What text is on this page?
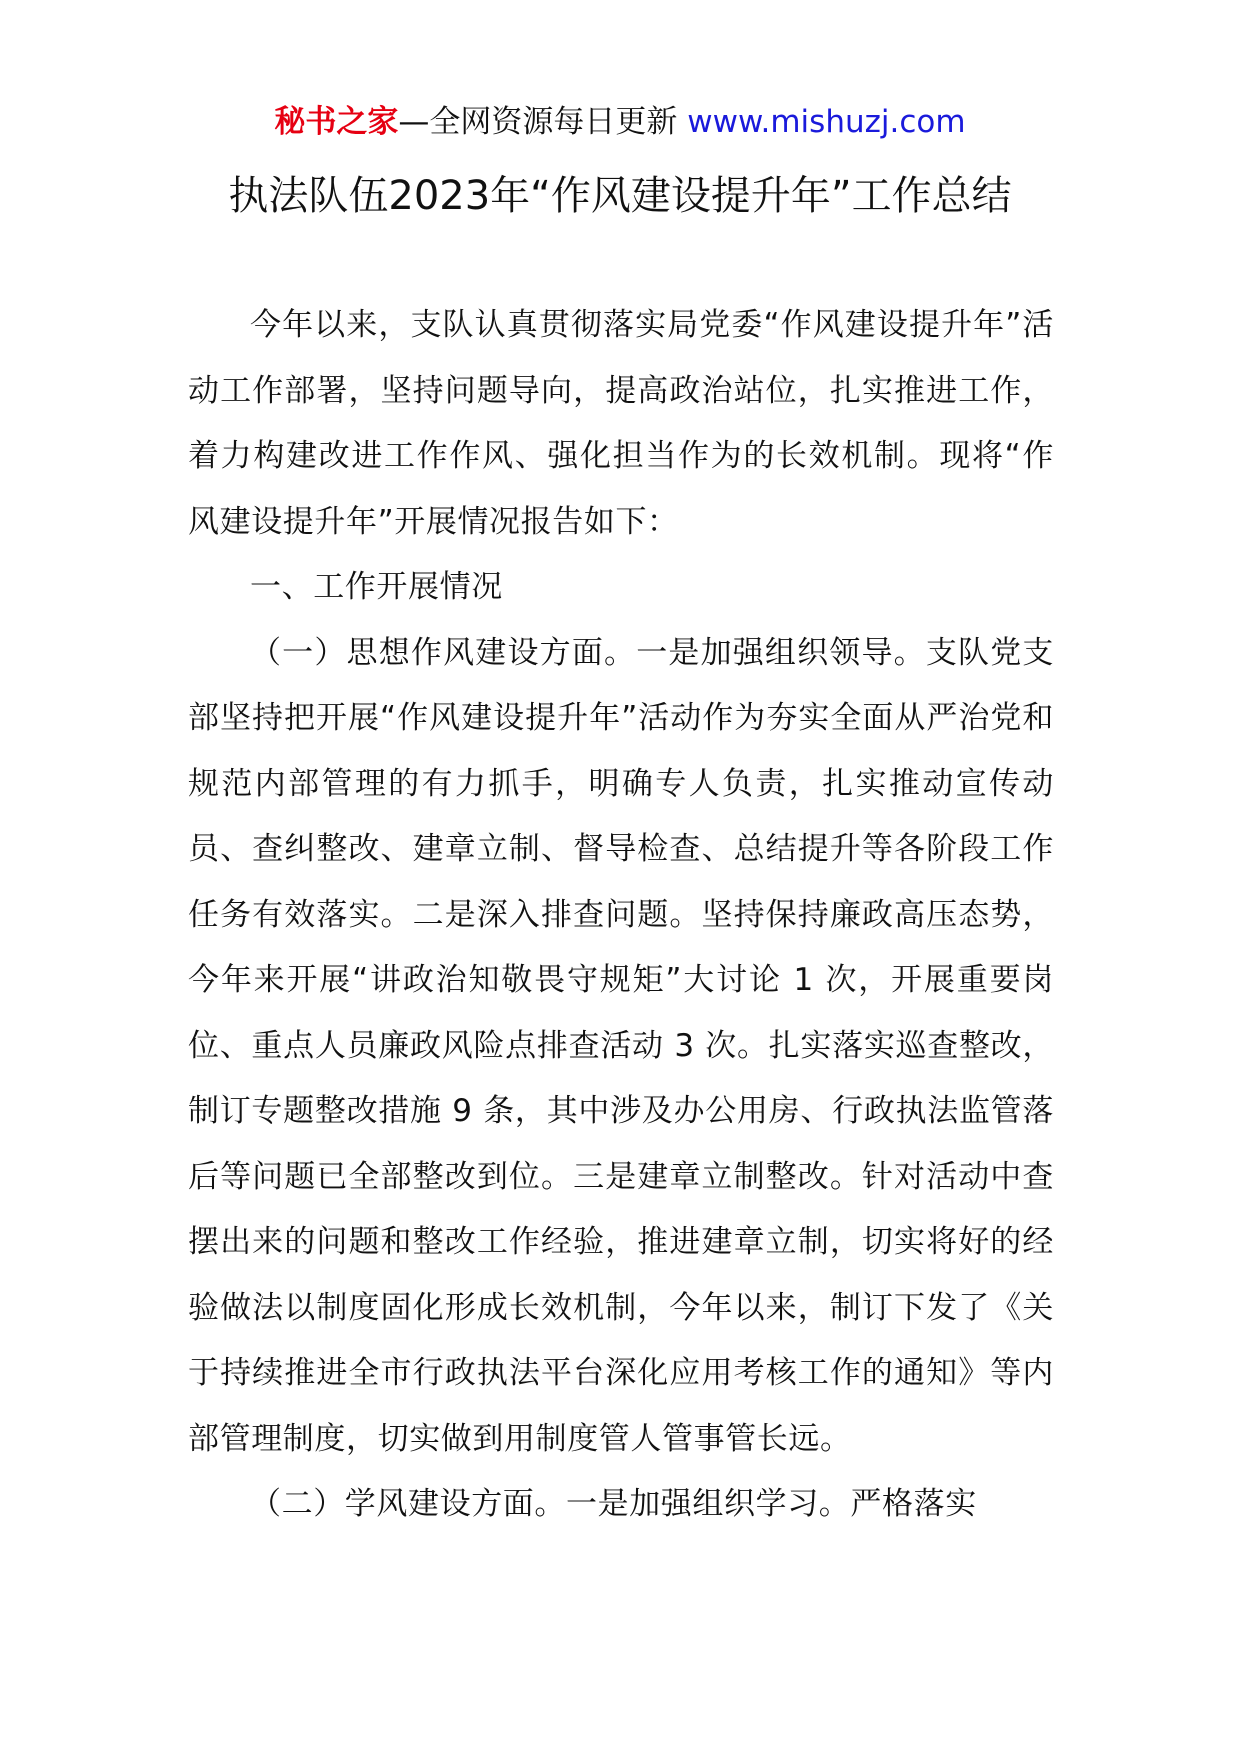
秘书之家—全网资源每日更新 www.mishuzj.com
执法队伍2023年“作风建设提升年”工作总结

今年以来，支队认真贯彻落实局党委“作风建设提升年”活动工作部署，坚持问题导向，提高政治站位，扎实推进工作，着力构建改进工作作风、强化担当作为的长效机制。现将“作风建设提升年”开展情况报告如下：

一、工作开展情况

（一）思想作风建设方面。一是加强组织领导。支队党支部坚持把开展“作风建设提升年”活动作为夯实全面从严治党和规范内部管理的有力抓手，明确专人负责，扎实推动宣传动员、查纠整改、建章立制、督导检查、总结提升等各阶段工作任务有效落实。二是深入排查问题。坚持保持廉政高压态势，今年来开展“讲政治知敬畏守规矩”大讨论 1 次，开展重要岗位、重点人员廉政风险点排查活动 3 次。扎实落实巡查整改，制订专题整改措施 9 条，其中涉及办公用房、行政执法监管落后等问题已全部整改到位。三是建章立制整改。针对活动中查摆出来的问题和整改工作经验，推进建章立制，切实将好的经验做法以制度固化形成长效机制，今年以来，制订下发了《关于持续推进全市行政执法平台深化应用考核工作的通知》等内部管理制度，切实做到用制度管人管事管长远。

（二）学风建设方面。一是加强组织学习。严格落实
